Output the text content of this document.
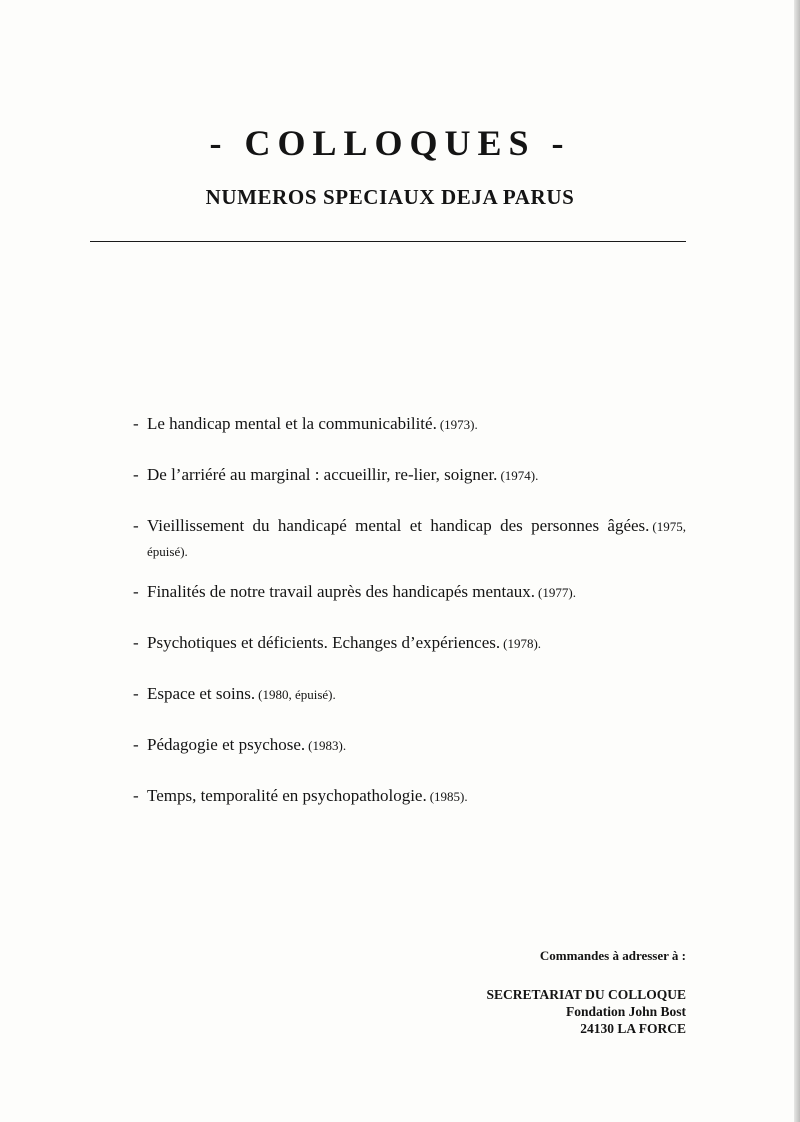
- COLLOQUES -
NUMEROS SPECIAUX DEJA PARUS
- Le handicap mental et la communicabilité. (1973).
- De l’arriéré au marginal : accueillir, re-lier, soigner. (1974).
- Vieillissement du handicapé mental et handicap des personnes âgées. (1975, épuisé).
- Finalités de notre travail auprès des handicapés mentaux. (1977).
- Psychotiques et déficients. Echanges d’expériences. (1978).
- Espace et soins. (1980, épuisé).
- Pédagogie et psychose. (1983).
- Temps, temporalité en psychopathologie. (1985).

Commandes à adresser à :

SECRETARIAT DU COLLOQUE

Fondation John Bost

24130 LA FORCE
